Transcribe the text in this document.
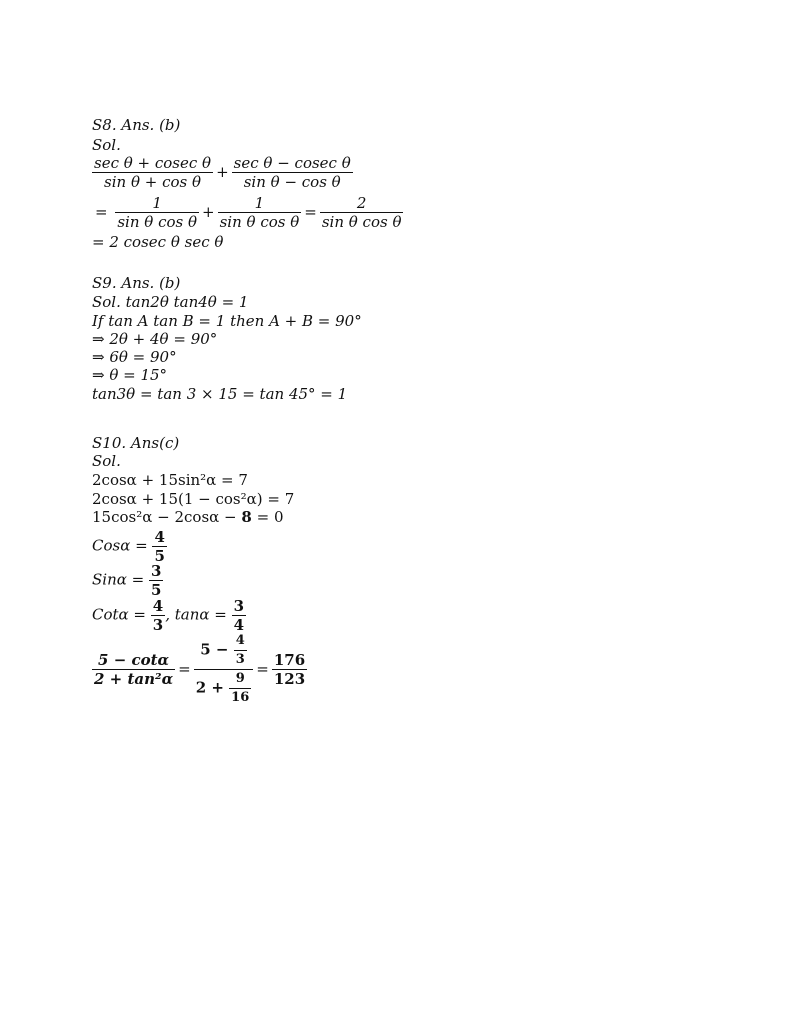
S8. Ans. (b)
Sol.
$\frac{\text{sec θ + cosec θ}}{\text{sin θ + cos θ}} + \frac{\text{sec θ − cosec θ}}{\text{sin θ − cos θ}}$
= $\frac{1}{\text{sin θ cos θ}} + \frac{1}{\text{sin θ cos θ}} = \frac{2}{\text{sin θ cos θ}}$
= 2 cosec θ sec θ
S9. Ans. (b)
Sol. tan2θ tan4θ = 1
If tan A tan B = 1 then A + B = 90°
⇒ 2θ + 4θ = 90°
⇒ 6θ = 90°
⇒ θ = 15°
tan3θ = tan 3 × 15 = tan 45° = 1
S10. Ans(c)
Sol.
2cosα + 15sin²α = 7
2cosα + 15(1 − cos²α) = 7
15cos²α − 2cosα − 8 = 0
$Cos\alpha = \frac{4}{5}$
$Sin\alpha = \frac{3}{5}$
$Cot\alpha = \frac{4}{3}$ , $\tan\alpha = \frac{3}{4}$
$\frac{5 - \cot\alpha}{\text{2 + tan²α}} = \frac{5 - \frac{4}{3}}{2 + \frac{9}{16}} = \frac{176}{123}$
